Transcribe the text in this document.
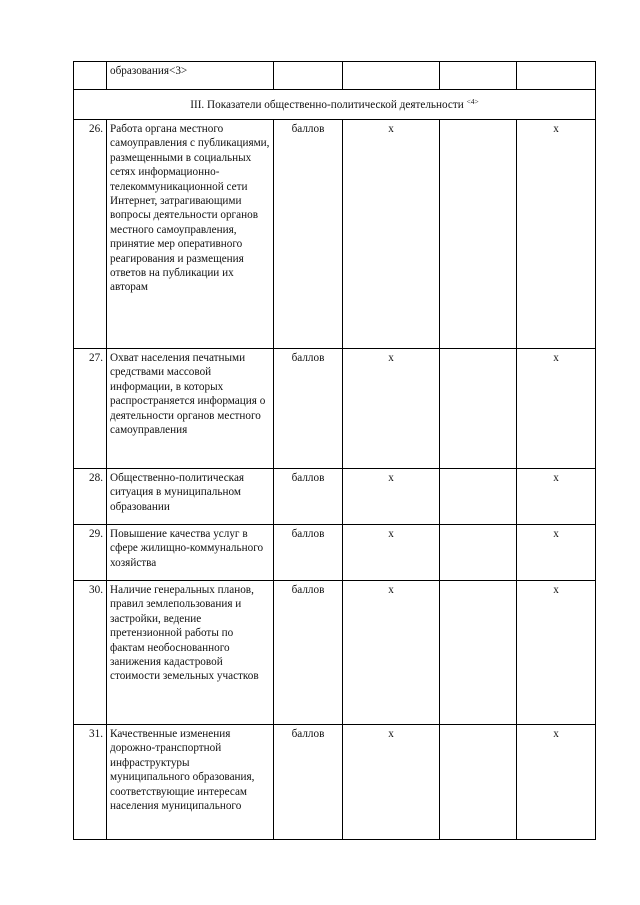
	образования<3>				
III. Показатели общественно-политической деятельности $^{<4>}$
26.	Работа органа местного самоуправления с публикациями, размещенными в социальных сетях информационно-телекоммуникационной сети Интернет, затрагивающими вопросы деятельности органов местного самоуправления, принятие мер оперативного реагирования и размещения ответов на публикации их авторам	баллов	x		x
27.	Охват населения печатными средствами массовой информации, в которых распространяется информация о деятельности органов местного самоуправления	баллов	x		x
28.	Общественно-политическая ситуация в муниципальном образовании	баллов	x		x
29.	Повышение качества услуг в сфере жилищно-коммунального хозяйства	баллов	x		x
30.	Наличие генеральных планов, правил землепользования и застройки, ведение претензионной работы по фактам необоснованного занижения кадастровой стоимости земельных участков	баллов	x		x
31.	Качественные изменения дорожно-транспортной инфраструктуры муниципального образования, соответствующие интересам населения муниципального	баллов	x		x
